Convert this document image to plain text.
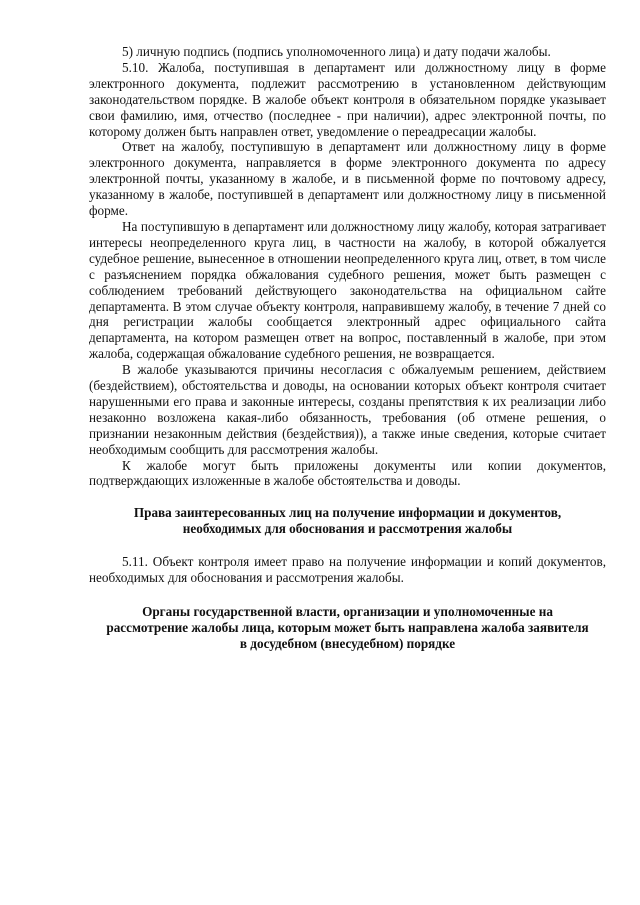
5) личную подпись (подпись уполномоченного лица) и дату подачи жалобы.

5.10. Жалоба, поступившая в департамент или должностному лицу в форме электронного документа, подлежит рассмотрению в установленном действующим законодательством порядке. В жалобе объект контроля в обязательном порядке указывает свои фамилию, имя, отчество (последнее - при наличии), адрес электронной почты, по которому должен быть направлен ответ, уведомление о переадресации жалобы.

Ответ на жалобу, поступившую в департамент или должностному лицу в форме электронного документа, направляется в форме электронного документа по адресу электронной почты, указанному в жалобе, и в письменной форме по почтовому адресу, указанному в жалобе, поступившей в департамент или должностному лицу в письменной форме.

На поступившую в департамент или должностному лицу жалобу, которая затрагивает интересы неопределенного круга лиц, в частности на жалобу, в которой обжалуется судебное решение, вынесенное в отношении неопределенного круга лиц, ответ, в том числе с разъяснением порядка обжалования судебного решения, может быть размещен с соблюдением требований действующего законодательства на официальном сайте департамента. В этом случае объекту контроля, направившему жалобу, в течение 7 дней со дня регистрации жалобы сообщается электронный адрес официального сайта департамента, на котором размещен ответ на вопрос, поставленный в жалобе, при этом жалоба, содержащая обжалование судебного решения, не возвращается.

В жалобе указываются причины несогласия с обжалуемым решением, действием (бездействием), обстоятельства и доводы, на основании которых объект контроля считает нарушенными его права и законные интересы, созданы препятствия к их реализации либо незаконно возложена какая-либо обязанность, требования (об отмене решения, о признании незаконным действия (бездействия)), а также иные сведения, которые считает необходимым сообщить для рассмотрения жалобы.

К жалобе могут быть приложены документы или копии документов, подтверждающих изложенные в жалобе обстоятельства и доводы.

Права заинтересованных лиц на получение информации и документов, необходимых для обоснования и рассмотрения жалобы

5.11. Объект контроля имеет право на получение информации и копий документов, необходимых для обоснования и рассмотрения жалобы.

Органы государственной власти, организации и уполномоченные на рассмотрение жалобы лица, которым может быть направлена жалоба заявителя в досудебном (внесудебном) порядке
